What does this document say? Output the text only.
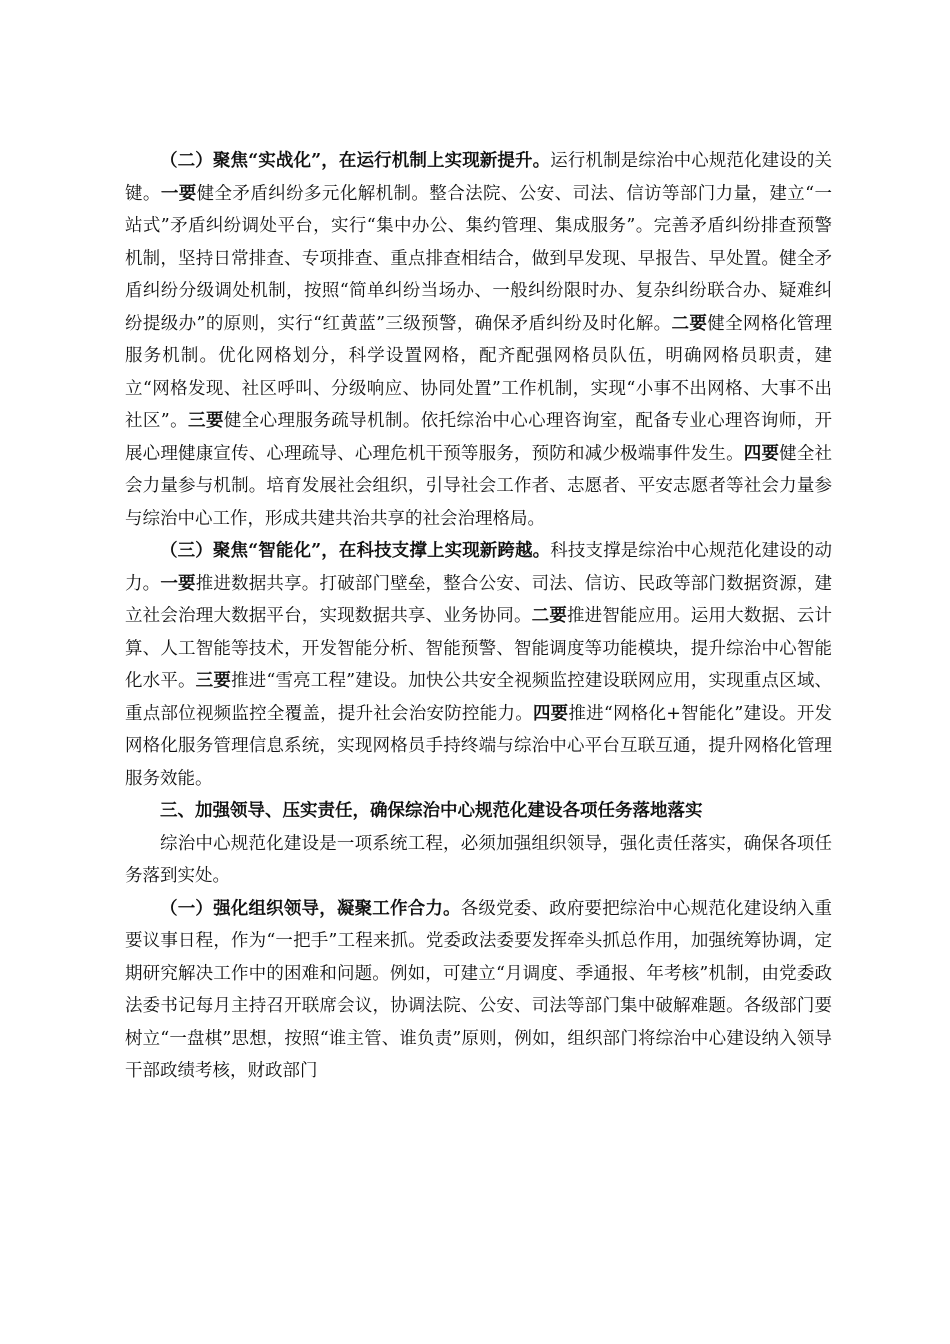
（二）聚焦“实战化”，在运行机制上实现新提升。运行机制是综治中心规范化建设的关键。一要健全矛盾纠纷多元化解机制。整合法院、公安、司法、信访等部门力量，建立“一站式”矛盾纠纷调处平台，实行“集中办公、集约管理、集成服务”。完善矛盾纠纷排查预警机制，坚持日常排查、专项排查、重点排查相结合，做到早发现、早报告、早处置。健全矛盾纠纷分级调处机制，按照“简单纠纷当场办、一般纠纷限时办、复杂纠纷联合办、疑难纠纷提级办”的原则，实行“红黄蓝”三级预警，确保矛盾纠纷及时化解。二要健全网格化管理服务机制。优化网格划分，科学设置网格，配齐配强网格员队伍，明确网格员职责，建立“网格发现、社区呼叫、分级响应、协同处置”工作机制，实现“小事不出网格、大事不出社区”。三要健全心理服务疏导机制。依托综治中心心理咨询室，配备专业心理咨询师，开展心理健康宣传、心理疏导、心理危机干预等服务，预防和减少极端事件发生。四要健全社会力量参与机制。培育发展社会组织，引导社会工作者、志愿者、平安志愿者等社会力量参与综治中心工作，形成共建共治共享的社会治理格局。

（三）聚焦“智能化”，在科技支撑上实现新跨越。科技支撑是综治中心规范化建设的动力。一要推进数据共享。打破部门壁垒，整合公安、司法、信访、民政等部门数据资源，建立社会治理大数据平台，实现数据共享、业务协同。二要推进智能应用。运用大数据、云计算、人工智能等技术，开发智能分析、智能预警、智能调度等功能模块，提升综治中心智能化水平。三要推进“雪亮工程”建设。加快公共安全视频监控建设联网应用，实现重点区域、重点部位视频监控全覆盖，提升社会治安防控能力。四要推进“网格化+智能化”建设。开发网格化服务管理信息系统，实现网格员手持终端与综治中心平台互联互通，提升网格化管理服务效能。

三、加强领导、压实责任，确保综治中心规范化建设各项任务落地落实

综治中心规范化建设是一项系统工程，必须加强组织领导，强化责任落实，确保各项任务落到实处。

（一）强化组织领导，凝聚工作合力。各级党委、政府要把综治中心规范化建设纳入重要议事日程，作为“一把手”工程来抓。党委政法委要发挥牵头抓总作用，加强统筹协调，定期研究解决工作中的困难和问题。例如，可建立“月调度、季通报、年考核”机制，由党委政法委书记每月主持召开联席会议，协调法院、公安、司法等部门集中破解难题。各级部门要树立“一盘棋”思想，按照“谁主管、谁负责”原则，例如，组织部门将综治中心建设纳入领导干部政绩考核，财政部门
